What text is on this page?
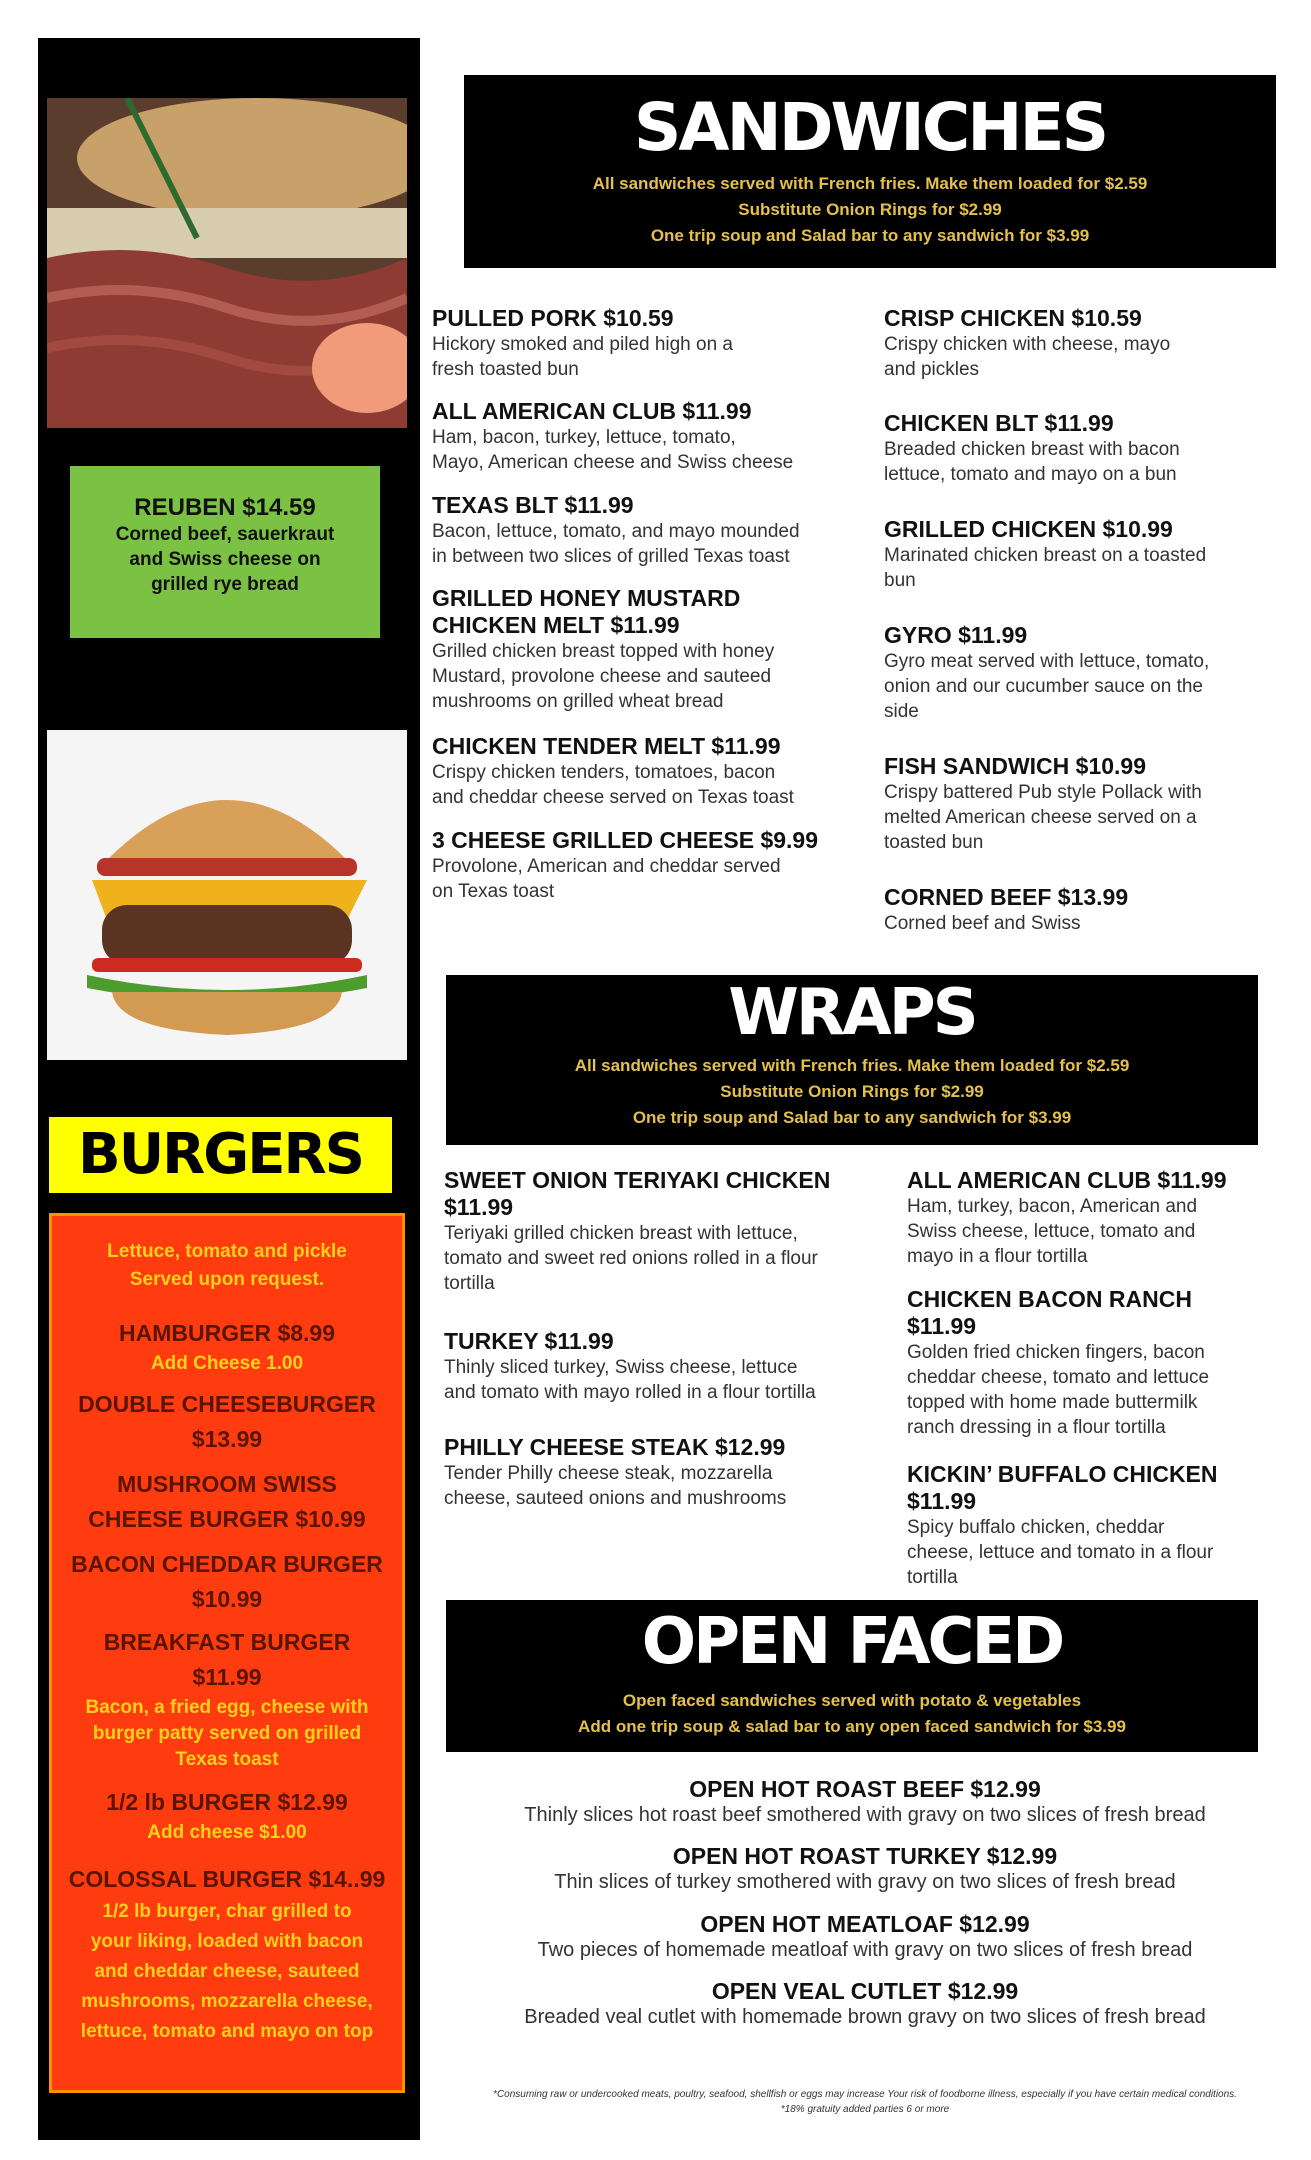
REUBEN $14.59
Corned beef, sauerkraut
and Swiss cheese on
grilled rye bread
BURGERS
Lettuce, tomato and pickle
Served upon request.
HAMBURGER $8.99
Add Cheese 1.00
DOUBLE CHEESEBURGER
$13.99
MUSHROOM SWISS
CHEESE BURGER $10.99
BACON CHEDDAR BURGER
$10.99
BREAKFAST BURGER
$11.99
Bacon, a fried egg, cheese with
burger patty served on grilled
Texas toast
1/2 lb BURGER $12.99
Add cheese $1.00
COLOSSAL BURGER $14..99
1/2 lb burger, char grilled to
your liking, loaded with bacon
and cheddar cheese, sauteed
mushrooms, mozzarella cheese,
lettuce, tomato and mayo on top
SANDWICHES
All sandwiches served with French fries. Make them loaded for $2.59
Substitute Onion Rings for $2.99
One trip soup and Salad bar to any sandwich for $3.99
PULLED PORK $10.59
Hickory smoked and piled high on a
fresh toasted bun
ALL AMERICAN CLUB $11.99
Ham, bacon, turkey, lettuce, tomato,
Mayo, American cheese and Swiss cheese
TEXAS BLT $11.99
Bacon, lettuce, tomato, and mayo mounded
in between two slices of grilled Texas toast
GRILLED HONEY MUSTARD
CHICKEN MELT $11.99
Grilled chicken breast topped with honey
Mustard, provolone cheese and sauteed
mushrooms on grilled wheat bread
CHICKEN TENDER MELT $11.99
Crispy chicken tenders, tomatoes, bacon
and cheddar cheese served on Texas toast
3 CHEESE GRILLED CHEESE $9.99
Provolone, American and cheddar served
on Texas toast
CRISP CHICKEN $10.59
Crispy chicken with cheese, mayo
and pickles
CHICKEN BLT $11.99
Breaded chicken breast with bacon
lettuce, tomato and mayo on a bun
GRILLED CHICKEN $10.99
Marinated chicken breast on a toasted
bun
GYRO $11.99
Gyro meat served with lettuce, tomato,
onion and our cucumber sauce on the
side
FISH SANDWICH $10.99
Crispy battered Pub style Pollack with
melted American cheese served on a
toasted bun
CORNED BEEF $13.99
Corned beef and Swiss
WRAPS
All sandwiches served with French fries. Make them loaded for $2.59
Substitute Onion Rings for $2.99
One trip soup and Salad bar to any sandwich for $3.99
SWEET ONION TERIYAKI CHICKEN
$11.99
Teriyaki grilled chicken breast with lettuce,
tomato and sweet red onions rolled in a flour
tortilla
TURKEY $11.99
Thinly sliced turkey, Swiss cheese, lettuce
and tomato with mayo rolled in a flour tortilla
PHILLY CHEESE STEAK $12.99
Tender Philly cheese steak, mozzarella
cheese, sauteed onions and mushrooms
ALL AMERICAN CLUB $11.99
Ham, turkey, bacon, American and
Swiss cheese, lettuce, tomato and
mayo in a flour tortilla
CHICKEN BACON RANCH
$11.99
Golden fried chicken fingers, bacon
cheddar cheese, tomato and lettuce
topped with home made buttermilk
ranch dressing in a flour tortilla
KICKIN’ BUFFALO CHICKEN
$11.99
Spicy buffalo chicken, cheddar
cheese, lettuce and tomato in a flour
tortilla
OPEN FACED
Open faced sandwiches served with potato & vegetables
Add one trip soup & salad bar to any open faced sandwich for $3.99
OPEN HOT ROAST BEEF $12.99
Thinly slices hot roast beef smothered with gravy on two slices of fresh bread
OPEN HOT ROAST TURKEY $12.99
Thin slices of turkey smothered with gravy on two slices of fresh bread
OPEN HOT MEATLOAF $12.99
Two pieces of homemade meatloaf with gravy on two slices of fresh bread
OPEN VEAL CUTLET $12.99
Breaded veal cutlet with homemade brown gravy on two slices of fresh bread
*Consuming raw or undercooked meats, poultry, seafood, shellfish or eggs may increase Your risk of foodborne illness, especially if you have certain medical conditions.
*18% gratuity added parties 6 or more
